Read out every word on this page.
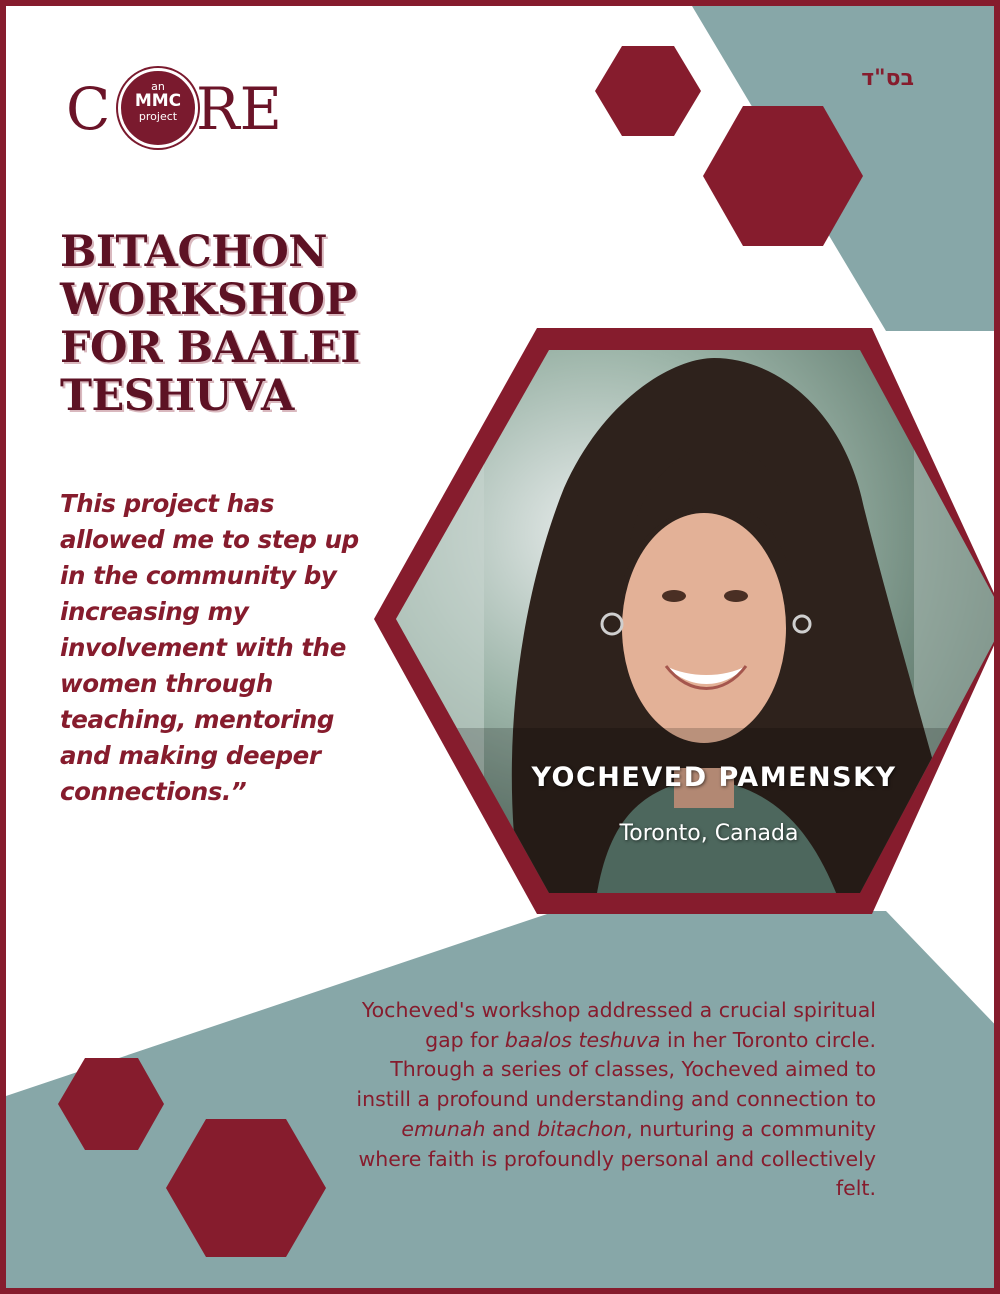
C	an
MMC
project RE	בס"ד
BITACHON WORKSHOP FOR BAALEI TESHUVA

This project has allowed me to step up in the community by increasing my involvement with the women through teaching, mentoring and making deeper connections.”	YOCHEVED PAMENSKY
Toronto, Canada

Yocheved's workshop addressed a crucial spiritual gap for baalos teshuva in her Toronto circle. Through a series of classes, Yocheved aimed to instill a profound understanding and connection to emunah and bitachon, nurturing a community where faith is profoundly personal and collectively felt.
